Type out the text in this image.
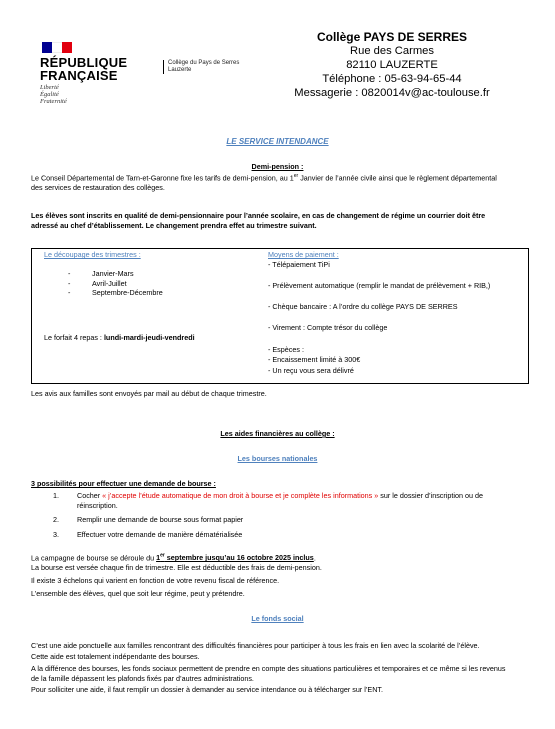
RÉPUBLIQUE
FRANÇAISE
Liberté
Égalité
Fraternité
Collège du Pays de Serres
Lauzerte
Collège PAYS DE SERRES
Rue des Carmes
82110 LAUZERTE
Téléphone : 05-63-94-65-44
Messagerie : 0820014v@ac-toulouse.fr
LE SERVICE INTENDANCE
Demi-pension :
Le Conseil Départemental de Tarn-et-Garonne fixe les tarifs de demi-pension, au 1er Janvier de l’année civile ainsi que le règlement départemental
des services de restauration des collèges.
Les élèves sont inscrits en qualité de demi-pensionnaire pour l’année scolaire, en cas de changement de régime un courrier doit être
adressé au chef d’établissement. Le changement prendra effet au trimestre suivant.
Le découpage des trimestres :
-	Janvier-Mars
-	Avril-Juillet
-	Septembre-Décembre
Le forfait 4 repas : lundi-mardi-jeudi-vendredi
Moyens de paiement :
- Télépaiement TiPi
- Prélèvement automatique (remplir le mandat de prélèvement + RIB,)
- Chèque bancaire : A l’ordre du collège PAYS DE SERRES
- Virement : Compte trésor du collège
- Espèces :
- Encaissement limité à 300€
- Un reçu vous sera délivré
Les avis aux familles sont envoyés par mail au début de chaque trimestre.
Les aides financières au collège :
Les bourses nationales
3 possibilités pour effectuer une demande de bourse :
1.	Cocher « j’accepte l’étude automatique de mon droit à bourse et je complète les informations » sur le dossier d’inscription ou de
réinscription.
2.	Remplir une demande de bourse sous format papier
3.	Effectuer votre demande de manière dématérialisée
La campagne de bourse se déroule du 1er septembre jusqu’au 16 octobre 2025 inclus.
La bourse est versée chaque fin de trimestre. Elle est déductible des frais de demi-pension.
Il existe 3 échelons qui varient en fonction de votre revenu fiscal de référence.
L’ensemble des élèves, quel que soit leur régime, peut y prétendre.
Le fonds social
C’est une aide ponctuelle aux familles rencontrant des difficultés financières pour participer à tous les frais en lien avec la scolarité de l’élève.
Cette aide est totalement indépendante des bourses.
A la différence des bourses, les fonds sociaux permettent de prendre en compte des situations particulières et temporaires et ce même si les revenus
de la famille dépassent les plafonds fixés par d’autres administrations.
Pour solliciter une aide, il faut remplir un dossier à demander au service intendance ou à télécharger sur l’ENT.
